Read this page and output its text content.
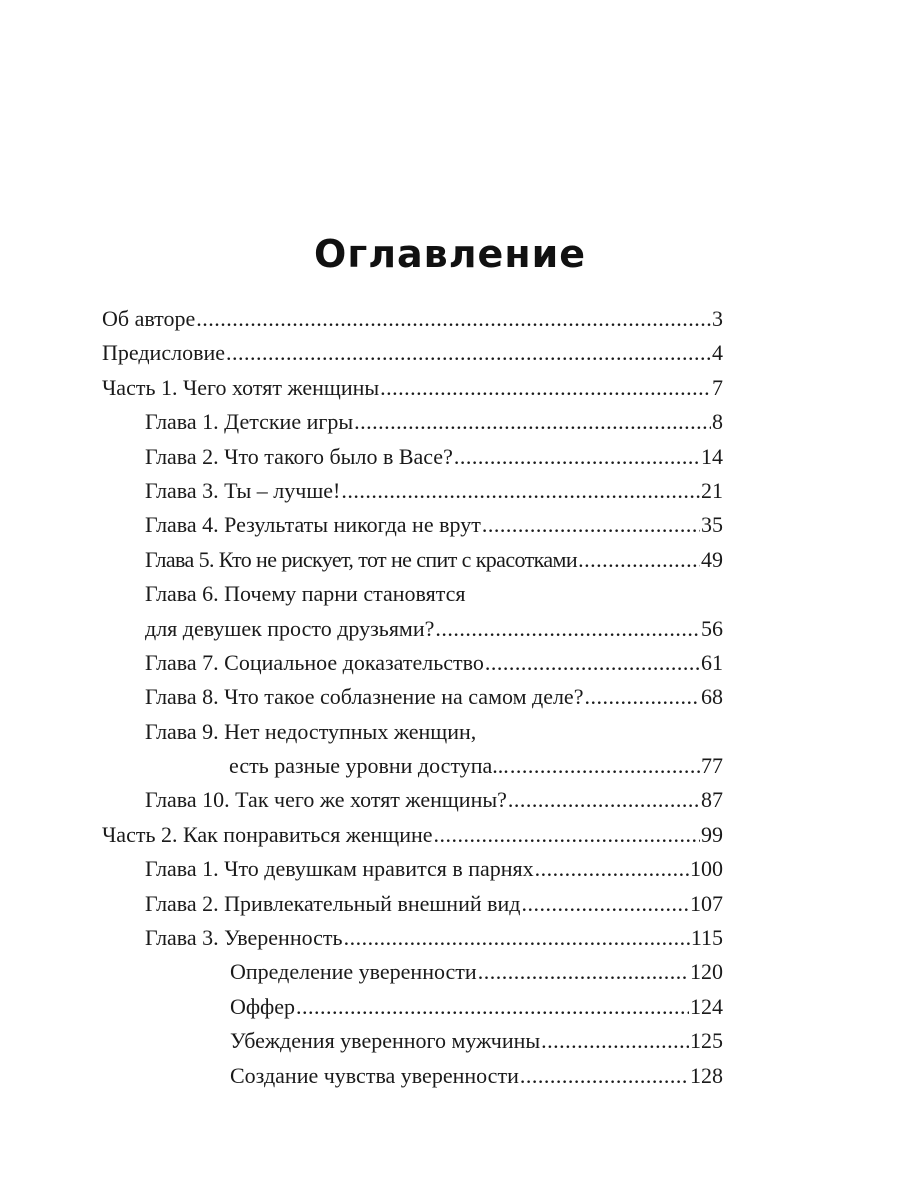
Оглавление
Об авторе .....	3
Предисловие .....	4
Часть 1. Чего хотят женщины .....	7
Глава 1. Детские игры .....	8
Глава 2. Что такого было в Васе? .....	14
Глава 3. Ты – лучше! .....	21
Глава 4. Результаты никогда не врут .....	35
Глава 5. Кто не рискует, тот не спит с красотками .....	49
Глава 6. Почему парни становятся
для девушек просто друзьями? .....	56
Глава 7. Социальное доказательство .....	61
Глава 8. Что такое соблазнение на самом деле? .....	68
Глава 9. Нет недоступных женщин,
есть разные уровни доступа... .....	77
Глава 10. Так чего же хотят женщины? .....	87
Часть 2. Как понравиться женщине .....	99
Глава 1. Что девушкам нравится в парнях .....	100
Глава 2. Привлекательный внешний вид .....	107
Глава 3. Уверенность .....	115
Определение уверенности .....	120
Оффер .....	124
Убеждения уверенного мужчины .....	125
Создание чувства уверенности .....	128
